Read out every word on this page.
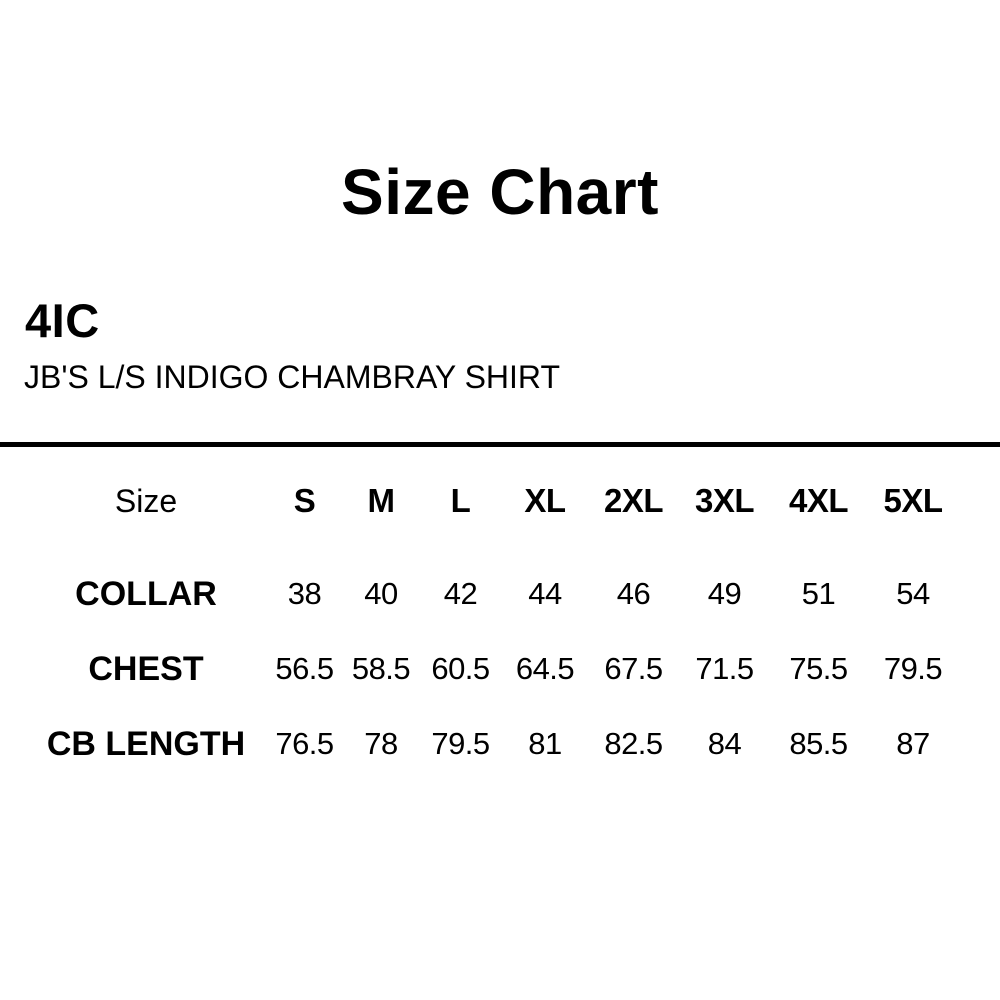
Size Chart
4IC
JB'S L/S INDIGO CHAMBRAY SHIRT
Size	S	M	L	XL	2XL	3XL	4XL	5XL
COLLAR	38	40	42	44	46	49	51	54
CHEST	56.5	58.5	60.5	64.5	67.5	71.5	75.5	79.5
CB LENGTH	76.5	78	79.5	81	82.5	84	85.5	87
